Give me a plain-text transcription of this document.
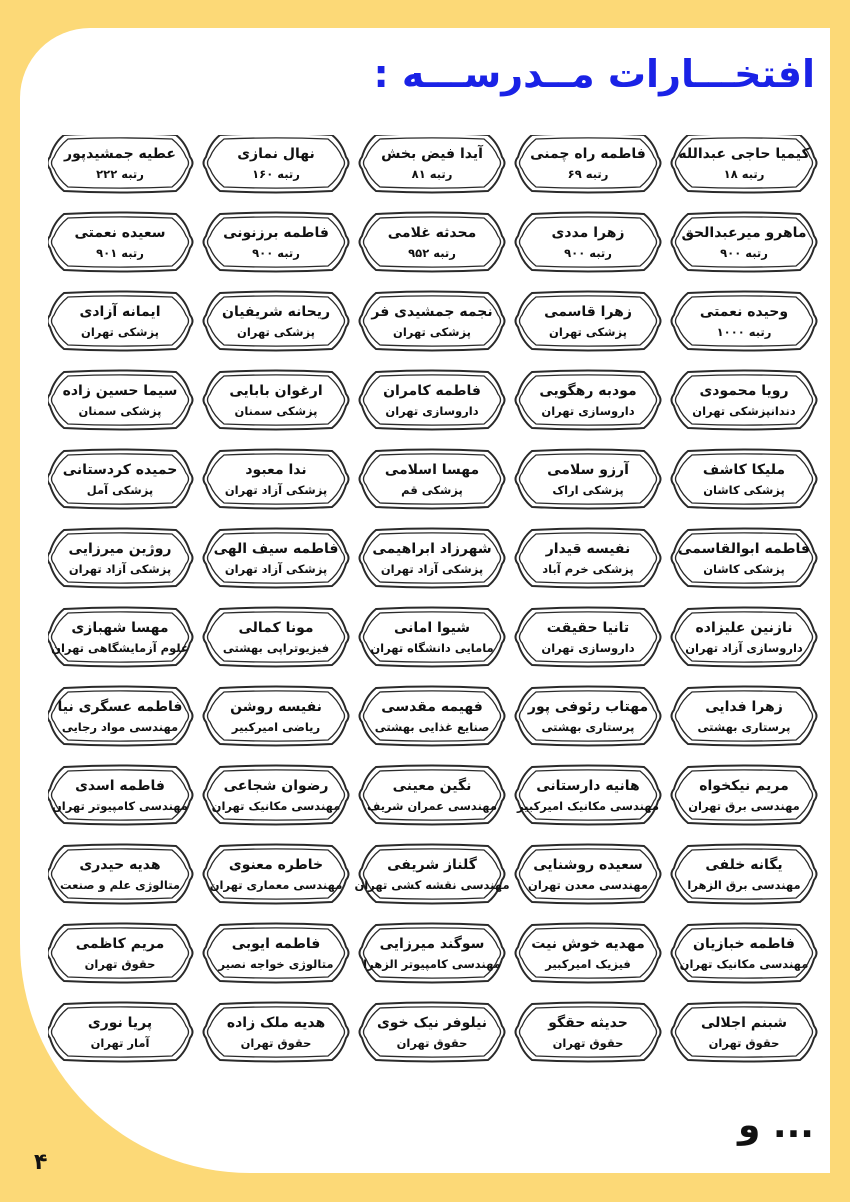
افتخـــارات مــدرســـه :
کیمیا حاجی عبدالله
رتبه ۱۸
فاطمه راه چمنی
رتبه ۶۹
آیدا فیض بخش
رتبه ۸۱
نهال نمازی
رتبه ۱۶۰
عطیه جمشیدپور
رتبه ۲۲۲
ماهرو میرعبدالحق
رتبه ۹۰۰
زهرا مددی
رتبه ۹۰۰
محدثه غلامی
رتبه ۹۵۲
فاطمه برزنونی
رتبه ۹۰۰
سعیده نعمتی
رتبه ۹۰۱
وحیده نعمتی
رتبه ۱۰۰۰
زهرا قاسمی
پزشکی تهران
نجمه جمشیدی فر
پزشکی تهران
ریحانه شریفیان
پزشکی تهران
ایمانه آزادی
پزشکی تهران
رویا محمودی
دندانپزشکی تهران
مودبه رهگویی
داروسازی تهران
فاطمه کامران
داروسازی تهران
ارغوان بابایی
پزشکی سمنان
سیما حسین زاده
پزشکی سمنان
ملیکا کاشف
پزشکی کاشان
آرزو سلامی
پزشکی اراک
مهسا اسلامی
پزشکی قم
ندا معبود
پزشکی آزاد تهران
حمیده کردستانی
پزشکی آمل
فاطمه ابوالقاسمی
پزشکی کاشان
نفیسه قیدار
پزشکی خرم آباد
شهرزاد ابراهیمی
پزشکی آزاد تهران
فاطمه سیف الهی
پزشکی آزاد تهران
روژین میرزایی
پزشکی آزاد تهران
نازنین علیزاده
داروسازی آزاد تهران
تانیا حقیقت
داروسازی تهران
شیوا امانی
مامایی دانشگاه تهران
مونا کمالی
فیزیوتراپی بهشتی
مهسا شهبازی
علوم آزمایشگاهی تهران
زهرا فدایی
پرستاری بهشتی
مهتاب رئوفی پور
پرستاری بهشتی
فهیمه مقدسی
صنایع غذایی بهشتی
نفیسه روشن
ریاضی امیرکبیر
فاطمه عسگری نیا
مهندسی مواد رجایی
مریم نیکخواه
مهندسی برق تهران
هانیه دارستانی
مهندسی مکانیک امیرکبیر
نگین معینی
مهندسی عمران شریف
رضوان شجاعی
مهندسی مکانیک تهران
فاطمه اسدی
مهندسی کامپیوتر تهران
یگانه خلفی
مهندسی برق الزهرا
سعیده روشنایی
مهندسی معدن تهران
گلناز شریفی
مهندسی نقشه کشی تهران
خاطره معنوی
مهندسی معماری تهران
هدیه حیدری
متالوژی علم و صنعت
فاطمه خبازیان
مهندسی مکانیک تهران
مهدیه خوش نیت
فیزیک امیرکبیر
سوگند میرزایی
مهندسی کامپیوتر الزهرا
فاطمه ایوبی
متالوژی خواجه نصیر
مریم کاظمی
حقوق تهران
شبنم اجلالی
حقوق تهران
حدیثه حقگو
حقوق تهران
نیلوفر نیک خوی
حقوق تهران
هدیه ملک زاده
حقوق تهران
پریا نوری
آمار تهران
و ...
۴
